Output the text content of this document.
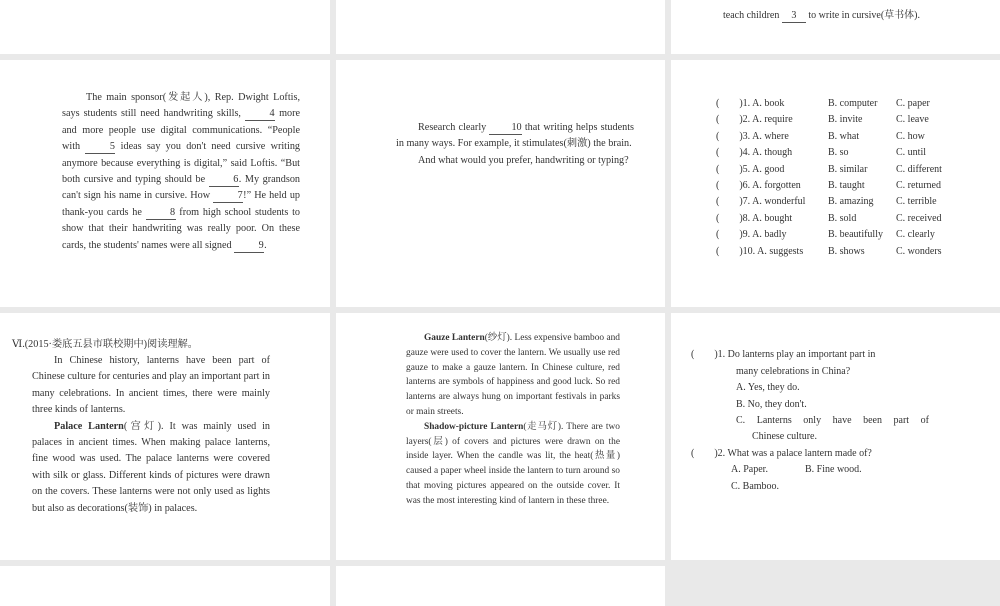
teach children 3 to write in cursive(草书体).
The main sponsor(发起人), Rep. Dwight Loftis, says students still need handwriting skills,	4 more and more people use digital communications. “People with	5 ideas say you don't need cursive writing anymore because everything is digital,” said Loftis. “But both cursive and typing should be	6. My grandson can't sign his name in cursive. How	7!” He held up thank-you cards he	8 from high school students to show that their handwriting was really poor. On these cards, the students' names were all signed	9.
Research clearly 10 that writing helps students in many ways. For example, it stimulates(刺激) the brain.
And what would you prefer, handwriting or typing?
(　　)1. A. book	B. computer	C. paper
(　　)2. A. require	B. invite	C. leave
(　　)3. A. where	B. what	C. how
(　　)4. A. though	B. so	C. until
(　　)5. A. good	B. similar	C. different
(　　)6. A. forgotten	B. taught	C. returned
(　　)7. A. wonderful	B. amazing	C. terrible
(　　)8. A. bought	B. sold	C. received
(　　)9. A. badly	B. beautifully	C. clearly
(　　)10. A. suggests	B. shows	C. wonders
Ⅵ.(2015·娄底五县市联校期中)阅读理解。
In Chinese history, lanterns have been part of Chinese culture for centuries and play an important part in many celebrations. In ancient times, there were mainly three kinds of lanterns.
Palace Lantern(宫灯). It was mainly used in palaces in ancient times. When making palace lanterns, fine wood was used. The palace lanterns were covered with silk or glass. Different kinds of pictures were drawn on the covers. These lanterns were not only used as lights but also as decorations(装饰) in palaces.
Gauze Lantern(纱灯). Less expensive bamboo and gauze were used to cover the lantern. We usually use red gauze to make a gauze lantern. In Chinese culture, red lanterns are symbols of happiness and good luck. So red lanterns are always hung on important festivals in parks or main streets.
Shadow-picture Lantern(走马灯). There are two layers(层) of covers and pictures were drawn on the inside layer. When the candle was lit, the heat(热量) caused a paper wheel inside the lantern to turn around so that moving pictures appeared on the outside cover. It was the most interesting kind of lantern in these three.
(　　)1. Do lanterns play an important part in
many celebrations in China?
A. Yes, they do.
B. No, they don't.
C. Lanterns only have been part of
Chinese culture.
(　　)2. What was a palace lantern made of?
A. Paper.	B. Fine wood.
C. Bamboo.
